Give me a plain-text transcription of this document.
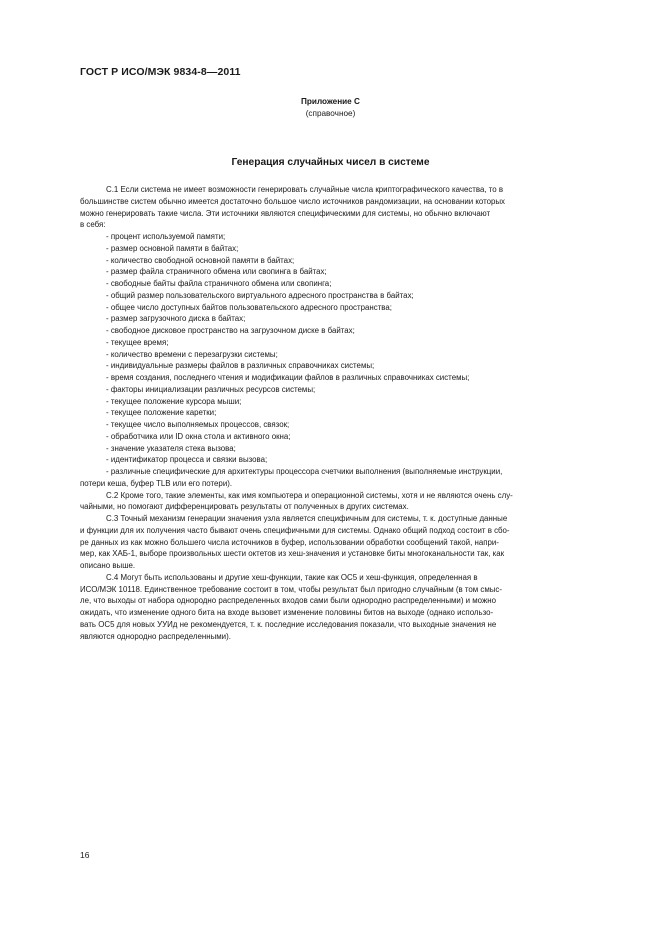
ГОСТ Р ИСО/МЭК 9834-8—2011
Приложение С
(справочное)
Генерация случайных чисел в системе
С.1 Если система не имеет возможности генерировать случайные числа криптографического качества, то в
большинстве систем обычно имеется достаточно большое число источников рандомизации, на основании которых
можно генерировать такие числа. Эти источники являются специфическими для системы, но обычно включают
в себя:
- процент используемой памяти;
- размер основной памяти в байтах;
- количество свободной основной памяти в байтах;
- размер файла страничного обмена или свопинга в байтах;
- свободные байты файла страничного обмена или свопинга;
- общий размер пользовательского виртуального адресного пространства в байтах;
- общее число доступных байтов пользовательского адресного пространства;
- размер загрузочного диска в байтах;
- свободное дисковое пространство на загрузочном диске в байтах;
- текущее время;
- количество времени с перезагрузки системы;
- индивидуальные размеры файлов в различных справочниках системы;
- время создания, последнего чтения и модификации файлов в различных справочниках системы;
- факторы инициализации различных ресурсов системы;
- текущее положение курсора мыши;
- текущее положение каретки;
- текущее число выполняемых процессов, связок;
- обработчика или ID окна стола и активного окна;
- значение указателя стека вызова;
- идентификатор процесса и связки вызова;
- различные специфические для архитектуры процессора счетчики выполнения (выполняемые инструкции,
потери кеша, буфер TLB или его потери).
С.2 Кроме того, такие элементы, как имя компьютера и операционной системы, хотя и не являются очень слу-
чайными, но помогают дифференцировать результаты от полученных в других системах.
С.3 Точный механизм генерации значения узла является специфичным для системы, т. к. доступные данные
и функции для их получения часто бывают очень специфичными для системы. Однако общий подход состоит в сбо-
ре данных из как можно большего числа источников в буфер, использовании обработки сообщений такой, напри-
мер, как ХАБ-1, выборе произвольных шести октетов из хеш-значения и установке биты многоканальности так, как
описано выше.
С.4 Могут быть использованы и другие хеш-функции, такие как ОС5 и хеш-функция, определенная в
ИСО/МЭК 10118. Единственное требование состоит в том, чтобы результат был пригодно случайным (в том смыс-
ле, что выходы от набора однородно распределенных входов сами были однородно распределенными) и можно
ожидать, что изменение одного бита на входе вызовет изменение половины битов на выходе (однако использо-
вать ОС5 для новых УУИд не рекомендуется, т. к. последние исследования показали, что выходные значения не
являются однородно распределенными).
16
